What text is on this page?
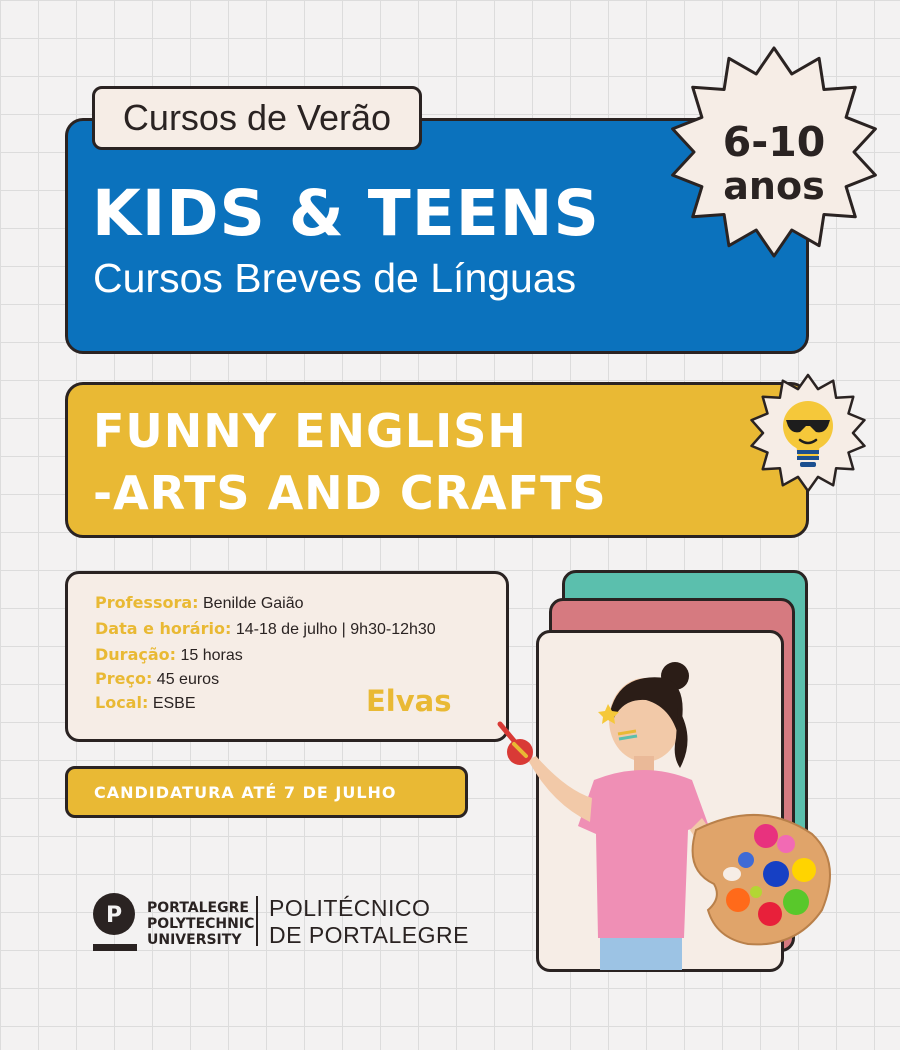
KIDS & TEENS
Cursos Breves de Línguas
Cursos de Verão
6-10
anos
FUNNY ENGLISH
-ARTS AND CRAFTS
Professora: Benilde Gaião
Data e horário: 14-18 de julho | 9h30-12h30
Duração: 15 horas
Preço: 45 euros
Local: ESBE	Elvas
CANDIDATURA ATÉ 7 DE JULHO
P PORTALEGRE
POLYTECHNIC
UNIVERSITY
POLITÉCNICO
DE PORTALEGRE
